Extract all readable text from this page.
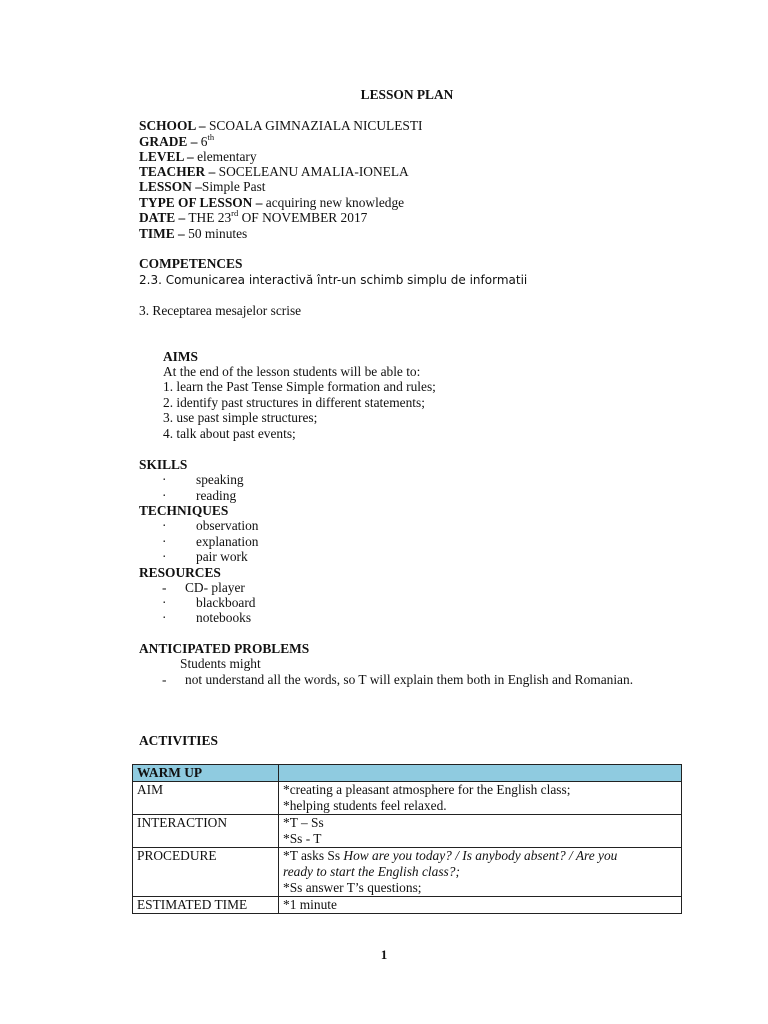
LESSON PLAN
SCHOOL – SCOALA GIMNAZIALA NICULESTI
GRADE – 6th
LEVEL – elementary
TEACHER – SOCELEANU AMALIA-IONELA
LESSON –Simple Past
TYPE OF LESSON – acquiring new knowledge
DATE – THE 23rd OF NOVEMBER 2017
TIME – 50 minutes
COMPETENCES
2.3. Comunicarea interactivă într-un schimb simplu de informatii
3. Receptarea mesajelor scrise
AIMS
At the end of the lesson students will be able to:
1. learn the Past Tense Simple formation and rules;
2. identify past structures in different statements;
3. use past simple structures;
4. talk about past events;
SKILLS
· speaking
· reading
TECHNIQUES
· observation
· explanation
· pair work
RESOURCES
- CD- player
· blackboard
· notebooks
ANTICIPATED PROBLEMS
Students might
- not understand all the words, so T will explain them both in English and Romanian.
ACTIVITIES
WARM UP	
AIM	*creating a pleasant atmosphere for the English class;
*helping students feel relaxed.

INTERACTION	*T – Ss
*Ss - T

PROCEDURE	*T asks Ss How are you today? / Is anybody absent? / Are you
ready to start the English class?;
*Ss answer T’s questions;

ESTIMATED TIME	*1 minute
1
